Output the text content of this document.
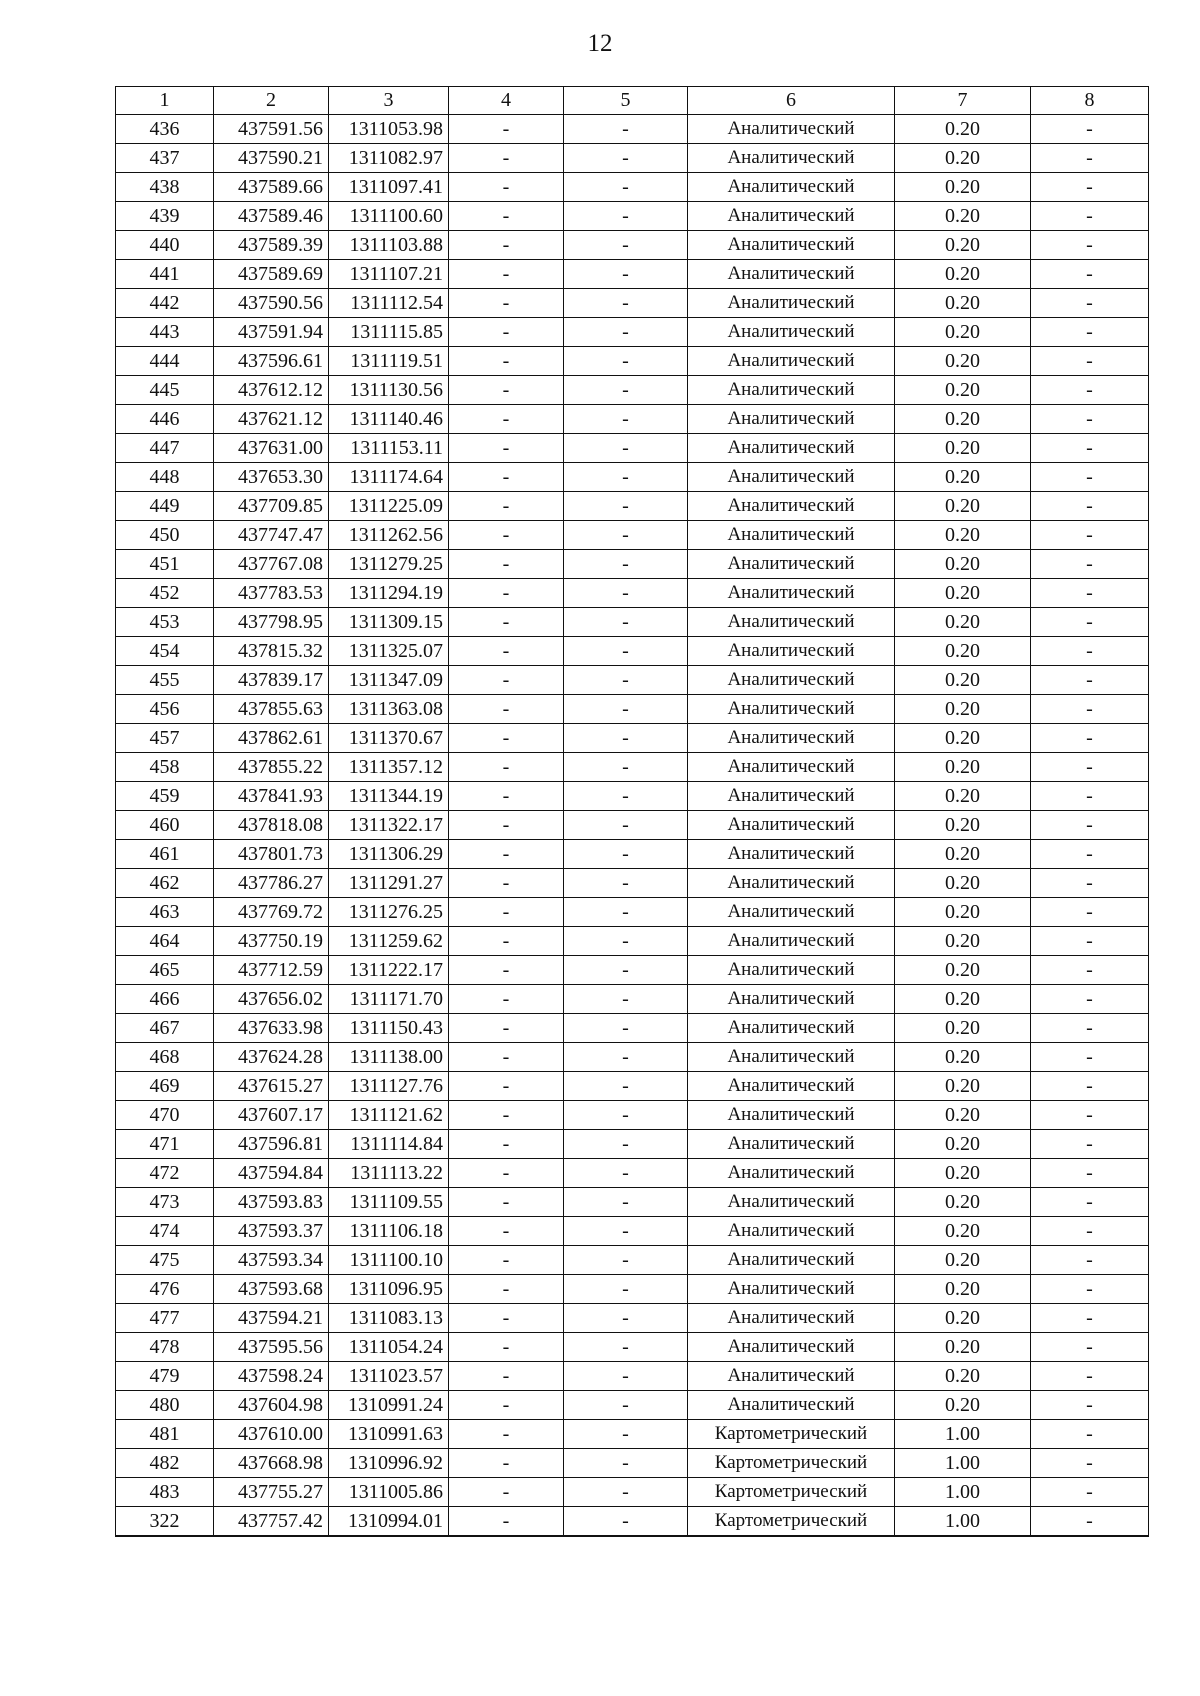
12
1	2	3	4	5	6	7	8
436	437591.56	1311053.98	-	-	Аналитический	0.20	-
437	437590.21	1311082.97	-	-	Аналитический	0.20	-
438	437589.66	1311097.41	-	-	Аналитический	0.20	-
439	437589.46	1311100.60	-	-	Аналитический	0.20	-
440	437589.39	1311103.88	-	-	Аналитический	0.20	-
441	437589.69	1311107.21	-	-	Аналитический	0.20	-
442	437590.56	1311112.54	-	-	Аналитический	0.20	-
443	437591.94	1311115.85	-	-	Аналитический	0.20	-
444	437596.61	1311119.51	-	-	Аналитический	0.20	-
445	437612.12	1311130.56	-	-	Аналитический	0.20	-
446	437621.12	1311140.46	-	-	Аналитический	0.20	-
447	437631.00	1311153.11	-	-	Аналитический	0.20	-
448	437653.30	1311174.64	-	-	Аналитический	0.20	-
449	437709.85	1311225.09	-	-	Аналитический	0.20	-
450	437747.47	1311262.56	-	-	Аналитический	0.20	-
451	437767.08	1311279.25	-	-	Аналитический	0.20	-
452	437783.53	1311294.19	-	-	Аналитический	0.20	-
453	437798.95	1311309.15	-	-	Аналитический	0.20	-
454	437815.32	1311325.07	-	-	Аналитический	0.20	-
455	437839.17	1311347.09	-	-	Аналитический	0.20	-
456	437855.63	1311363.08	-	-	Аналитический	0.20	-
457	437862.61	1311370.67	-	-	Аналитический	0.20	-
458	437855.22	1311357.12	-	-	Аналитический	0.20	-
459	437841.93	1311344.19	-	-	Аналитический	0.20	-
460	437818.08	1311322.17	-	-	Аналитический	0.20	-
461	437801.73	1311306.29	-	-	Аналитический	0.20	-
462	437786.27	1311291.27	-	-	Аналитический	0.20	-
463	437769.72	1311276.25	-	-	Аналитический	0.20	-
464	437750.19	1311259.62	-	-	Аналитический	0.20	-
465	437712.59	1311222.17	-	-	Аналитический	0.20	-
466	437656.02	1311171.70	-	-	Аналитический	0.20	-
467	437633.98	1311150.43	-	-	Аналитический	0.20	-
468	437624.28	1311138.00	-	-	Аналитический	0.20	-
469	437615.27	1311127.76	-	-	Аналитический	0.20	-
470	437607.17	1311121.62	-	-	Аналитический	0.20	-
471	437596.81	1311114.84	-	-	Аналитический	0.20	-
472	437594.84	1311113.22	-	-	Аналитический	0.20	-
473	437593.83	1311109.55	-	-	Аналитический	0.20	-
474	437593.37	1311106.18	-	-	Аналитический	0.20	-
475	437593.34	1311100.10	-	-	Аналитический	0.20	-
476	437593.68	1311096.95	-	-	Аналитический	0.20	-
477	437594.21	1311083.13	-	-	Аналитический	0.20	-
478	437595.56	1311054.24	-	-	Аналитический	0.20	-
479	437598.24	1311023.57	-	-	Аналитический	0.20	-
480	437604.98	1310991.24	-	-	Аналитический	0.20	-
481	437610.00	1310991.63	-	-	Картометрический	1.00	-
482	437668.98	1310996.92	-	-	Картометрический	1.00	-
483	437755.27	1311005.86	-	-	Картометрический	1.00	-
322	437757.42	1310994.01	-	-	Картометрический	1.00	-
